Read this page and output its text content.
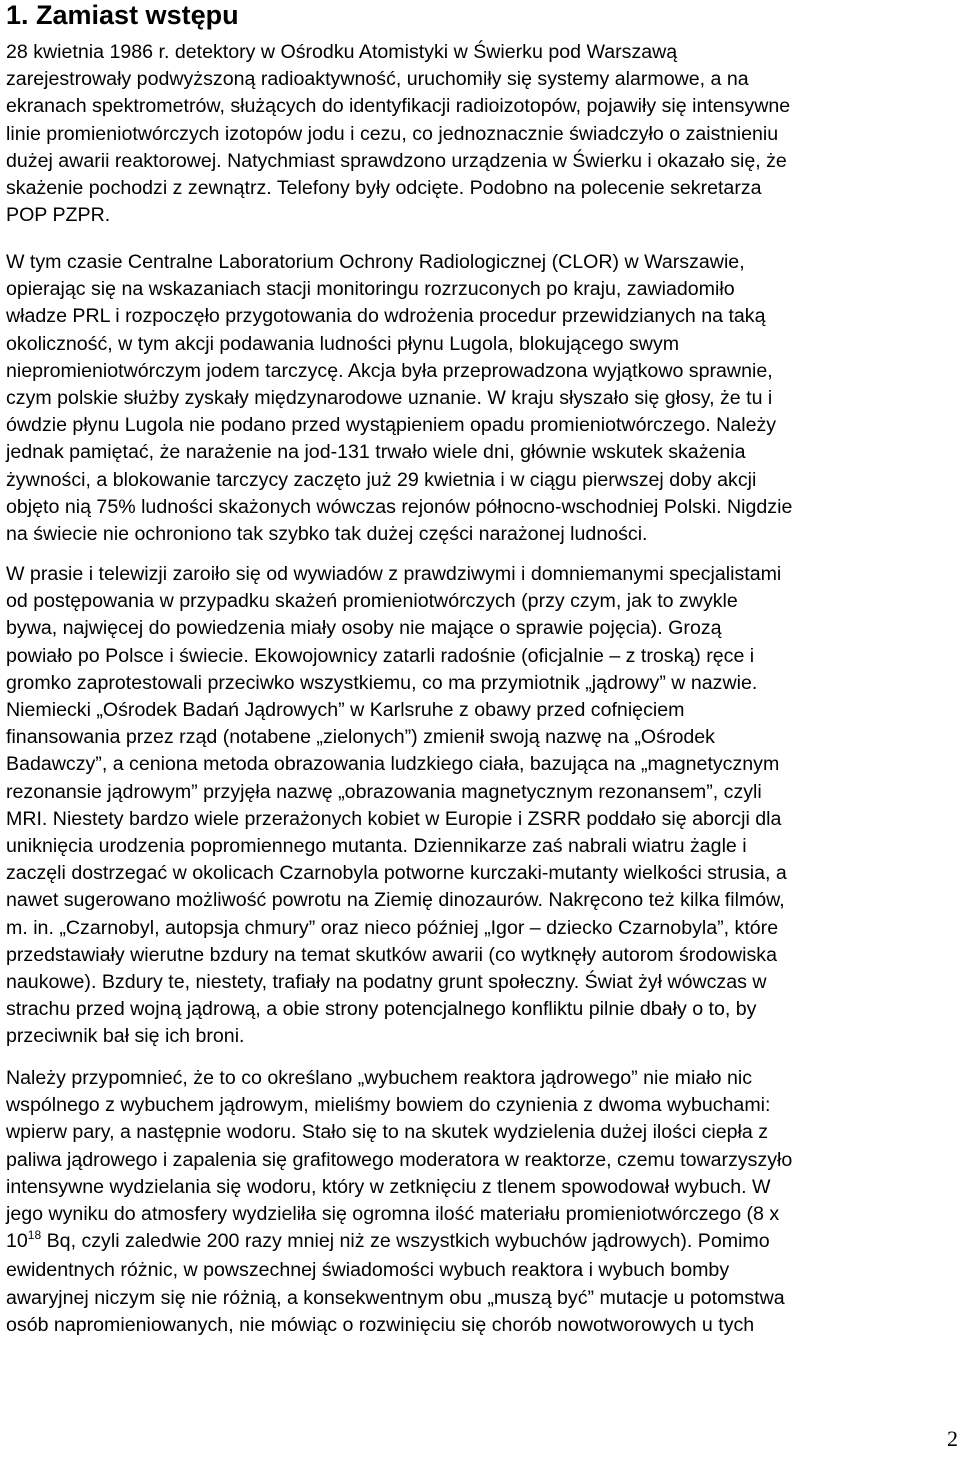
1. Zamiast wstępu

28 kwietnia 1986 r. detektory w Ośrodku Atomistyki w Świerku pod Warszawą
zarejestrowały podwyższoną radioaktywność, uruchomiły się systemy alarmowe, a na
ekranach spektrometrów, służących do identyfikacji radioizotopów, pojawiły się intensywne
linie promieniotwórczych izotopów jodu i cezu, co jednoznacznie świadczyło o zaistnieniu
dużej awarii reaktorowej. Natychmiast sprawdzono urządzenia w Świerku i okazało się, że
skażenie pochodzi z zewnątrz. Telefony były odcięte. Podobno na polecenie sekretarza
POP PZPR.

W tym czasie Centralne Laboratorium Ochrony Radiologicznej (CLOR) w Warszawie,
opierając się na wskazaniach stacji monitoringu rozrzuconych po kraju, zawiadomiło
władze PRL i rozpoczęło przygotowania do wdrożenia procedur przewidzianych na taką
okoliczność, w tym akcji podawania ludności płynu Lugola, blokującego swym
niepromieniotwórczym jodem tarczycę. Akcja była przeprowadzona wyjątkowo sprawnie,
czym polskie służby zyskały międzynarodowe uznanie. W kraju słyszało się głosy, że tu i
ówdzie płynu Lugola nie podano przed wystąpieniem opadu promieniotwórczego. Należy
jednak pamiętać, że narażenie na jod-131 trwało wiele dni, głównie wskutek skażenia
żywności, a blokowanie tarczycy zaczęto już 29 kwietnia i w ciągu pierwszej doby akcji
objęto nią 75% ludności skażonych wówczas rejonów północno-wschodniej Polski. Nigdzie
na świecie nie ochroniono tak szybko tak dużej części narażonej ludności.

W prasie i telewizji zaroiło się od wywiadów z prawdziwymi i domniemanymi specjalistami
od postępowania w przypadku skażeń promieniotwórczych (przy czym, jak to zwykle
bywa, najwięcej do powiedzenia miały osoby nie mające o sprawie pojęcia). Grozą
powiało po Polsce i świecie. Ekowojownicy zatarli radośnie (oficjalnie – z troską) ręce i
gromko zaprotestowali przeciwko wszystkiemu, co ma przymiotnik „jądrowy” w nazwie.
Niemiecki „Ośrodek Badań Jądrowych” w Karlsruhe z obawy przed cofnięciem
finansowania przez rząd (notabene „zielonych”) zmienił swoją nazwę na „Ośrodek
Badawczy”, a ceniona metoda obrazowania ludzkiego ciała, bazująca na „magnetycznym
rezonansie jądrowym” przyjęła nazwę „obrazowania magnetycznym rezonansem”, czyli
MRI. Niestety bardzo wiele przerażonych kobiet w Europie i ZSRR poddało się aborcji dla
uniknięcia urodzenia popromiennego mutanta. Dziennikarze zaś nabrali wiatru żagle i
zaczęli dostrzegać w okolicach Czarnobyla potworne kurczaki-mutanty wielkości strusia, a
nawet sugerowano możliwość powrotu na Ziemię dinozaurów. Nakręcono też kilka filmów,
m. in. „Czarnobyl, autopsja chmury” oraz nieco później „Igor – dziecko Czarnobyla”, które
przedstawiały wierutne bzdury na temat skutków awarii (co wytknęły autorom środowiska
naukowe). Bzdury te, niestety, trafiały na podatny grunt społeczny. Świat żył wówczas w
strachu przed wojną jądrową, a obie strony potencjalnego konfliktu pilnie dbały o to, by
przeciwnik bał się ich broni.

Należy przypomnieć, że to co określano „wybuchem reaktora jądrowego” nie miało nic
wspólnego z wybuchem jądrowym, mieliśmy bowiem do czynienia z dwoma wybuchami:
wpierw pary, a następnie wodoru. Stało się to na skutek wydzielenia dużej ilości ciepła z
paliwa jądrowego i zapalenia się grafitowego moderatora w reaktorze, czemu towarzyszyło
intensywne wydzielania się wodoru, który w zetknięciu z tlenem spowodował wybuch. W
jego wyniku do atmosfery wydzieliła się ogromna ilość materiału promieniotwórczego (8 x
$10^{18}$ Bq, czyli zaledwie 200 razy mniej niż ze wszystkich wybuchów jądrowych). Pomimo
ewidentnych różnic, w powszechnej świadomości wybuch reaktora i wybuch bomby
awaryjnej niczym się nie różnią, a konsekwentnym obu „muszą być” mutacje u potomstwa
osób napromieniowanych, nie mówiąc o rozwinięciu się chorób nowotworowych u tych

2
